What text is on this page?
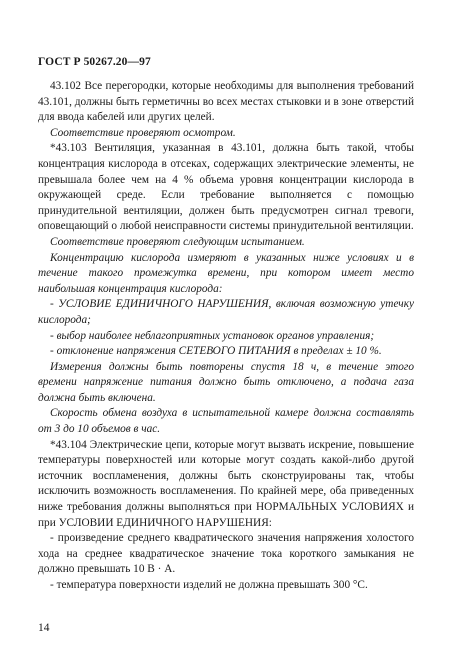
ГОСТ Р 50267.20—97

43.102 Все перегородки, которые необходимы для выполнения требований 43.101, должны быть герметичны во всех местах стыковки и в зоне отверстий для ввода кабелей или других целей.

Соответствие проверяют осмотром.

*43.103 Вентиляция, указанная в 43.101, должна быть такой, чтобы концентрация кислорода в отсеках, содержащих электрические элементы, не превышала более чем на 4 % объема уровня концентрации кислорода в окружающей среде. Если требование выполняется с помощью принудительной вентиляции, должен быть предусмотрен сигнал тревоги, оповещающий о любой неисправности системы принудительной вентиляции.

Соответствие проверяют следующим испытанием.

Концентрацию кислорода измеряют в указанных ниже условиях и в течение такого промежутка времени, при котором имеет место наибольшая концентрация кислорода:

- УСЛОВИЕ ЕДИНИЧНОГО НАРУШЕНИЯ, включая возможную утечку кислорода;

- выбор наиболее неблагоприятных установок органов управления;

- отклонение напряжения СЕТЕВОГО ПИТАНИЯ в пределах ± 10 %.

Измерения должны быть повторены спустя 18 ч, в течение этого времени напряжение питания должно быть отключено, а подача газа должна быть включена.

Скорость обмена воздуха в испытательной камере должна составлять от 3 до 10 объемов в час.

*43.104 Электрические цепи, которые могут вызвать искрение, повышение температуры поверхностей или которые могут создать какой-либо другой источник воспламенения, должны быть сконструированы так, чтобы исключить возможность воспламенения. По крайней мере, оба приведенных ниже требования должны выполняться при НОРМАЛЬНЫХ УСЛОВИЯХ и при УСЛОВИИ ЕДИНИЧНОГО НАРУШЕНИЯ:

- произведение среднего квадратического значения напряжения холостого хода на среднее квадратическое значение тока короткого замыкания не должно превышать 10 В · А.

- температура поверхности изделий не должна превышать 300 °С.

14
